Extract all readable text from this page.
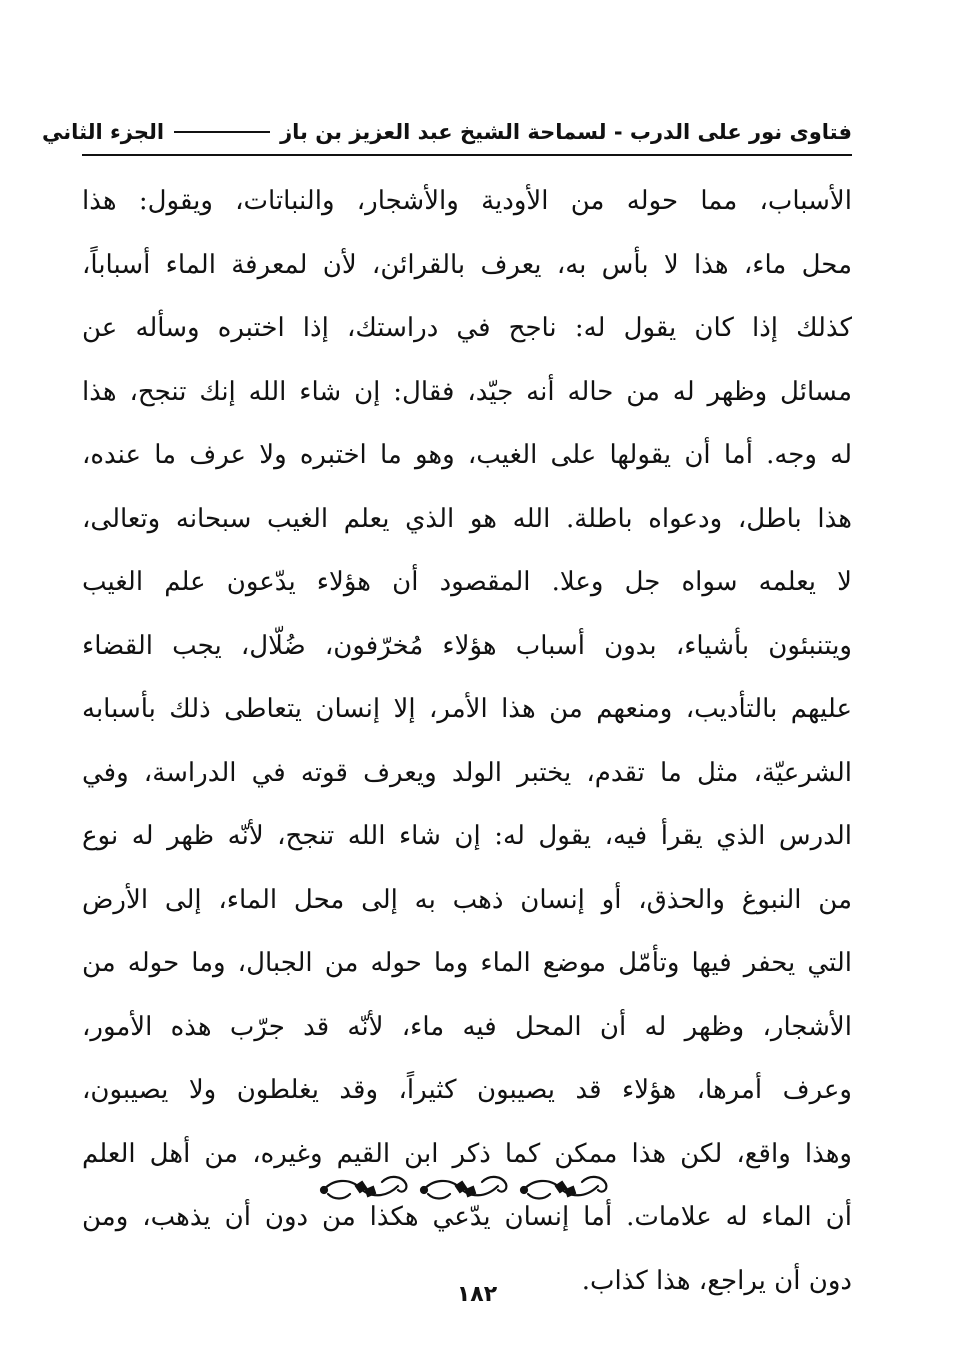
فتاوى نور على الدرب - لسماحة الشيخ عبد العزيز بن باز
الجزء الثاني
الأسباب، مما حوله من الأودية والأشجار، والنباتات، ويقول: هذا
محل ماء، هذا لا بأس به، يعرف بالقرائن، لأن لمعرفة الماء أسباباً،
كذلك إذا كان يقول له: ناجح في دراستك، إذا اختبره وسأله عن
مسائل وظهر له من حاله أنه جيّد، فقال: إن شاء الله إنك تنجح، هذا
له وجه. أما أن يقولها على الغيب، وهو ما اختبره ولا عرف ما عنده،
هذا باطل، ودعواه باطلة. الله هو الذي يعلم الغيب سبحانه وتعالى،
لا يعلمه سواه جل وعلا. المقصود أن هؤلاء يدّعون علم الغيب
ويتنبئون بأشياء، بدون أسباب هؤلاء مُخرّفون، ضُلّال، يجب القضاء
عليهم بالتأديب، ومنعهم من هذا الأمر، إلا إنسان يتعاطى ذلك بأسبابه
الشرعيّة، مثل ما تقدم، يختبر الولد ويعرف قوته في الدراسة، وفي
الدرس الذي يقرأ فيه، يقول له: إن شاء الله تنجح، لأنّه ظهر له نوع
من النبوغ والحذق، أو إنسان ذهب به إلى محل الماء، إلى الأرض
التي يحفر فيها وتأمّل موضع الماء وما حوله من الجبال، وما حوله من
الأشجار، وظهر له أن المحل فيه ماء، لأنّه قد جرّب هذه الأمور،
وعرف أمرها، هؤلاء قد يصيبون كثيراً، وقد يغلطون ولا يصيبون،
وهذا واقع، لكن هذا ممكن كما ذكر ابن القيم وغيره، من أهل العلم
أن الماء له علامات. أما إنسان يدّعي هكذا من دون أن يذهب، ومن
دون أن يراجع، هذا كذاب.
١٨٢
